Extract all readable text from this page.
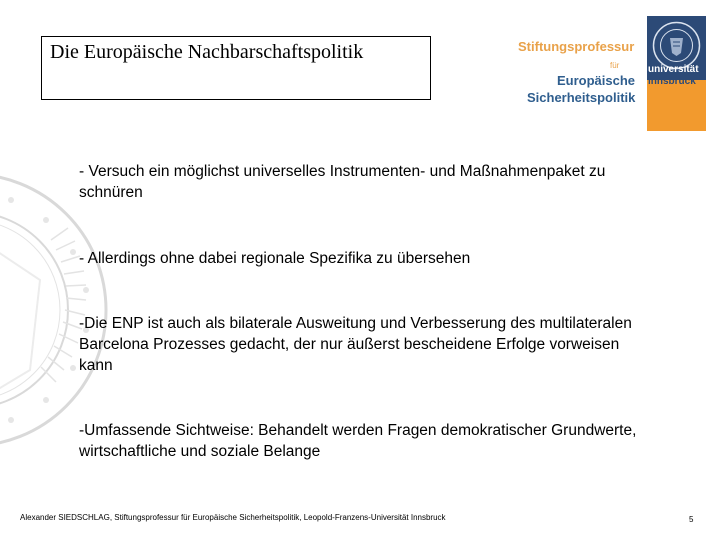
Die Europäische Nachbarschaftspolitik	Stiftungsprofessur
für
Europäische
Sicherheitspolitik
universität
innsbruck
- Versuch ein möglichst universelles Instrumenten- und Maßnahmenpaket zu schnüren
- Allerdings ohne dabei regionale Spezifika zu übersehen
-Die ENP ist auch als bilaterale Ausweitung und Verbesserung des multilateralen Barcelona Prozesses gedacht, der nur äußerst bescheidene Erfolge vorweisen kann
-Umfassende Sichtweise: Behandelt werden Fragen demokratischer Grundwerte, wirtschaftliche und soziale Belange
Alexander SIEDSCHLAG, Stiftungsprofessur für Europäische Sicherheitspolitik, Leopold-Franzens-Universität Innsbruck	5
